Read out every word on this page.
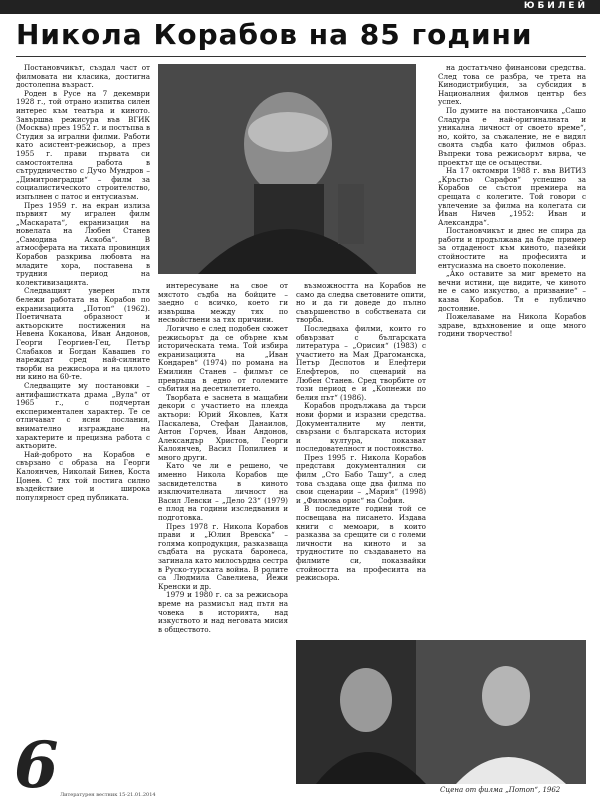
ЮБИЛЕЙ
Никола Корабов на 85 години

Постановчикът, създал част от филмовата ни класика, достигна достолепна възраст.

Роден в Русе на 7 декември 1928 г., той отрано изпитва силен интерес към театъра и киното. Завършва режисура във ВГИК (Москва) през 1952 г. и постъпва в Студия за игрални филми. Работи като асистент-режисьор, а през 1955 г. прави първата си самостоятелна работа в сътрудничество с Дучо Мундров – „Димитровградци“ – филм за социалистическото строителство, изпълнен с патос и ентусиазъм.

През 1959 г. на екран излиза първият му игрален филм „Маскарата“, екранизация на новелата на Любен Станев „Самодива Аскоба“. В атмосферата на тихата провинция Корабов разкрива любовта на младите хора, поставена в трудния период на колективизацията.

Следващият уверен пътя бележи работата на Корабов по екранизацията „Потоп“ (1962). Поетичната образност и актьорските постижения на Невена Коканова, Иван Андонов, Георги Георгиев-Гец, Петър Слабаков и Богдан Кавашев го нареждат сред най-силните творби на режисьора и на цялото ни кино на 60-те.

Следващите му постановки – антифашистката драма „Вула“ от 1965 г., с подчертан експериментален характер. Те се отличават с ясни послания, внимателно изграждане на характерите и прецизна работа с актьорите.

Най-доброто на Корабов е свързано с образа на Георги Калоянчев, Николай Бинев, Коста Цонев. С тях той постига силно въздействие и широка популярност сред публиката.

интересуване на свое от мястото съдба на бойците – заедно с всичко, което ги извършва между тях по несвойствени за тях причини.

Логично е след подобен сюжет режисьорът да се обърне към историческата тема. Той избира екранизацията на „Иван Кондарев“ (1974) по романа на Емилиян Станев – филмът се превръща в едно от големите събития на десетилетието.

Творбата е заснета в мащабни декори с участието на плеяда актьори: Юрий Яковлев, Катя Паскалева, Стефан Данаилов, Антон Горчев, Иван Андонов, Александър Христов, Георги Калоянчев, Васил Попилиев и много други.

Като че ли е решено, че именно Никола Корабов ще засвидетелства в киното изключителната личност на Васил Левски – „Дело 23“ (1979) е плод на години изследвания и подготовка.

През 1978 г. Никола Корабов прави и „Юлия Вревска“ – голяма копродукция, разказваща съдбата на руската баронеса, загинала като милосърдна сестра в Руско-турската война. В ролите са Людмила Савелиева, Йежи Кренски и др.

1979 и 1980 г. са за режисьора време на размисъл над пътя на човека в историята, над изкуството и над неговата мисия в обществото.

възможността на Корабов не само да следва световните опити, но и да ги доведе до пълно съвършенство в собствената си творба.

Последваха филми, които го обвързват с българската литература – „Орисия“ (1983) с участието на Мая Драгоманска, Петър Деспотов и Елефтери Елефтеров, по сценарий на Любен Станев. Сред творбите от този период е и „Копнежи по белия път“ (1986).

Корабов продължава да търси нови форми и изразни средства. Документалните му ленти, свързани с българската история и култура, показват последователност и постоянство.

През 1995 г. Никола Корабов представя документалния си филм „Сто Бабо Ташу“, а след това създава още два филма по свои сценарии – „Мария“ (1998) и „Филмова орис“ на София.

В последните години той се посвещава на писането. Издава книги с мемоари, в които разказва за срещите си с големи личности на киното и за трудностите по създаването на филмите си, показвайки стойността на професията на режисьора.

на достатъчно финансови средства. След това се разбра, че трета на Кинодистрибуция, за субсидия в Националния филмов център без успех.

По думите на постановчика „Сашо Сладура е най-оригиналната и уникална личност от своето време“, но, който, за съжаление, не е видял своята съдба като филмов образ. Въпреки това режисьорът вярва, че проектът ще се осъществи.

На 17 октомври 1988 г. във ВИТИЗ „Кръстьо Сарафов“ успешно за Корабов се състоя премиера на срещата с колегите. Той говори с увлечение за филма на колегата си Иван Ничев „1952: Иван и Александра“.

Постановчикът и днес не спира да работи и продължава да бъде пример за отдаденост към киното, пазейки стойностите на професията и ентусиазма на своето поколение.

„Ако оставите за миг времето на вечни истини, ще видите, че киното не е само изкуство, а призвание“ – казва Корабов. Тя е публично достояние.

Пожелаваме на Никола Корабов здраве, вдъхновение и още много години творчество!

Сцена от филма „Потоп“, 1962
6 Литературен вестник 15-21.01.2014
